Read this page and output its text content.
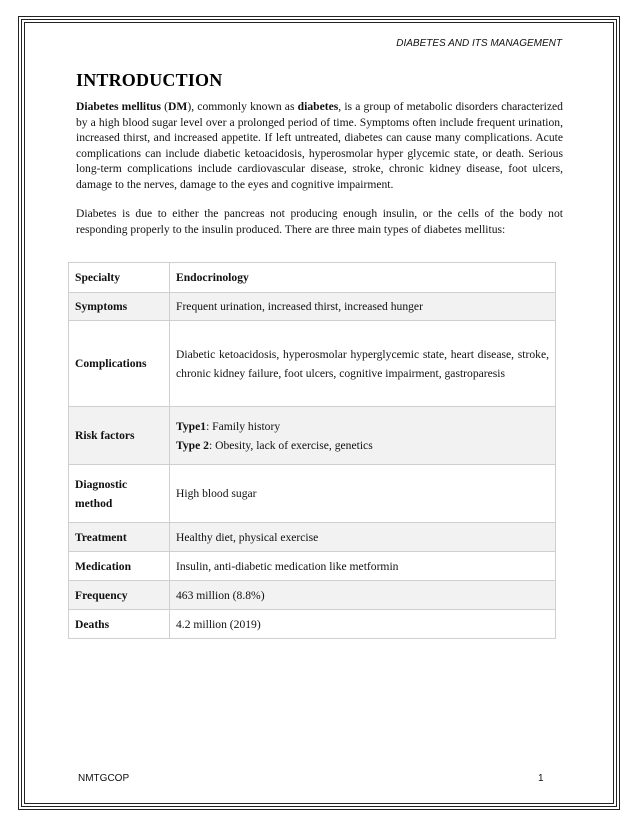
DIABETES AND ITS MANAGEMENT
INTRODUCTION
Diabetes mellitus (DM), commonly known as diabetes, is a group of metabolic disorders characterized by a high blood sugar level over a prolonged period of time. Symptoms often include frequent urination, increased thirst, and increased appetite. If left untreated, diabetes can cause many complications. Acute complications can include diabetic ketoacidosis, hyperosmolar hyper glycemic state, or death. Serious long-term complications include cardiovascular disease, stroke, chronic kidney disease, foot ulcers, damage to the nerves, damage to the eyes and cognitive impairment.
Diabetes is due to either the pancreas not producing enough insulin, or the cells of the body not responding properly to the insulin produced. There are three main types of diabetes mellitus:
Specialty	Endocrinology
Symptoms	Frequent urination, increased thirst, increased hunger
Complications	Diabetic ketoacidosis, hyperosmolar hyperglycemic state, heart disease, stroke, chronic kidney failure, foot ulcers, cognitive impairment, gastroparesis
Risk factors	Type1: Family history
Type 2: Obesity, lack of exercise, genetics

Diagnostic
method	High blood sugar
Treatment	Healthy diet, physical exercise
Medication	Insulin, anti-diabetic medication like metformin
Frequency	463 million (8.8%)
Deaths	4.2 million (2019)
NMTGCOP	1
